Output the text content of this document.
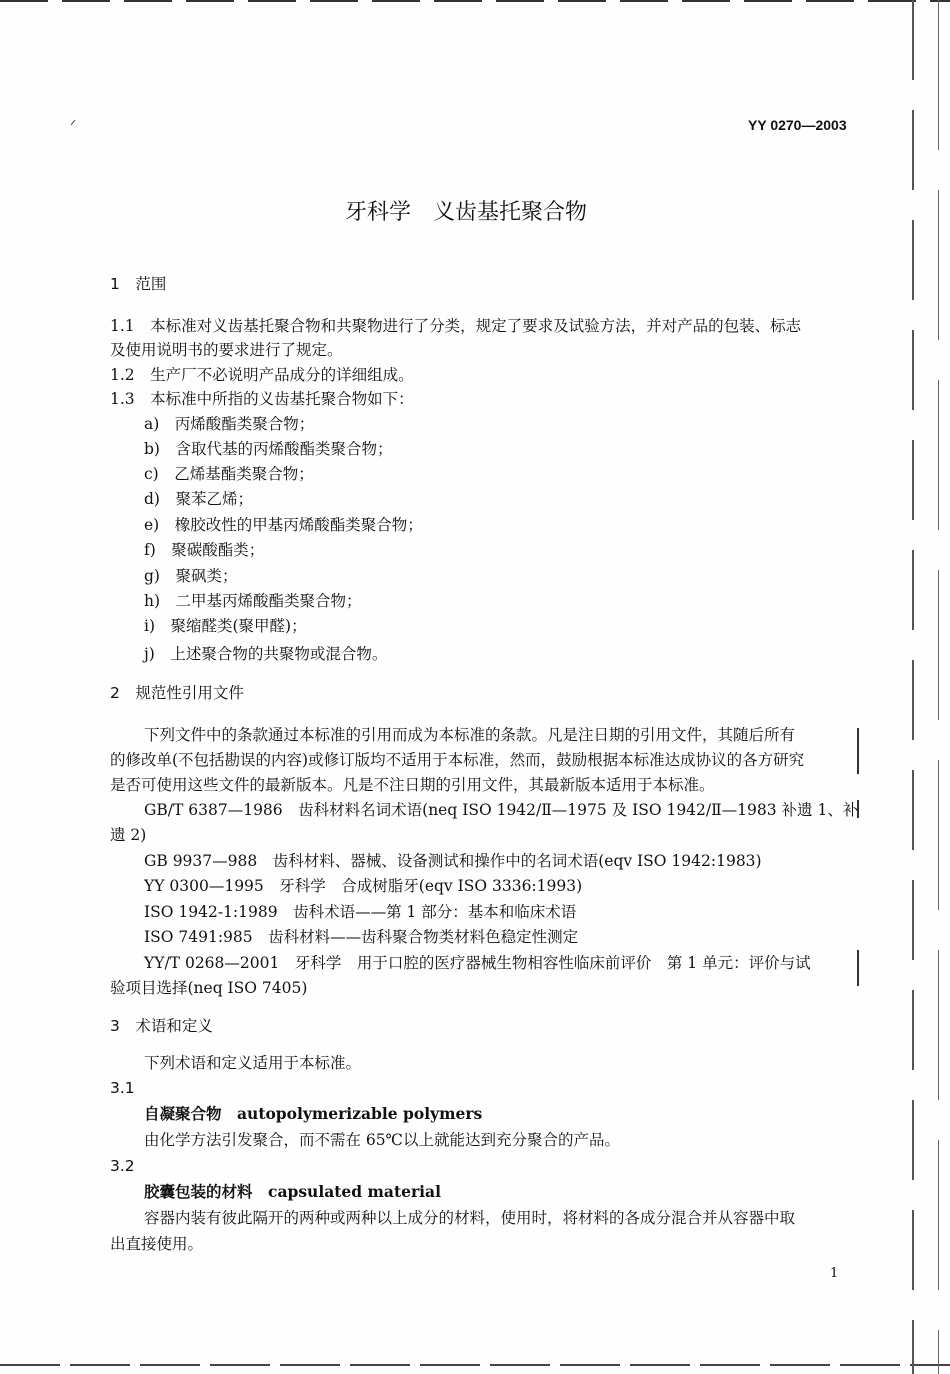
YY 0270—2003
牙科学　义齿基托聚合物
1　范围
1.1　本标准对义齿基托聚合物和共聚物进行了分类，规定了要求及试验方法，并对产品的包装、标志
及使用说明书的要求进行了规定。
1.2　生产厂不必说明产品成分的详细组成。
1.3　本标准中所指的义齿基托聚合物如下：
a)　丙烯酸酯类聚合物；
b)　含取代基的丙烯酸酯类聚合物；
c)　乙烯基酯类聚合物；
d)　聚苯乙烯；
e)　橡胶改性的甲基丙烯酸酯类聚合物；
f)　聚碳酸酯类；
g)　聚砜类；
h)　二甲基丙烯酸酯类聚合物；
i)　聚缩醛类(聚甲醛)；
j)　上述聚合物的共聚物或混合物。
2　规范性引用文件
下列文件中的条款通过本标准的引用而成为本标准的条款。凡是注日期的引用文件，其随后所有
的修改单(不包括勘误的内容)或修订版均不适用于本标准，然而，鼓励根据本标准达成协议的各方研究
是否可使用这些文件的最新版本。凡是不注日期的引用文件，其最新版本适用于本标准。
GB/T 6387—1986　齿科材料名词术语(neq ISO 1942/Ⅱ—1975 及 ISO 1942/Ⅱ—1983 补遗 1、补
遗 2)
GB 9937—988　齿科材料、器械、设备测试和操作中的名词术语(eqv ISO 1942:1983)
YY 0300—1995　牙科学　合成树脂牙(eqv ISO 3336:1993)
ISO 1942-1:1989　齿科术语——第 1 部分：基本和临床术语
ISO 7491:985　齿科材料——齿科聚合物类材料色稳定性测定
YY/T 0268—2001　牙科学　用于口腔的医疗器械生物相容性临床前评价　第 1 单元：评价与试
验项目选择(neq ISO 7405)
3　术语和定义
下列术语和定义适用于本标准。
3.1
自凝聚合物　autopolymerizable polymers
由化学方法引发聚合，而不需在 65℃以上就能达到充分聚合的产品。
3.2
胶囊包装的材料　capsulated material
容器内装有彼此隔开的两种或两种以上成分的材料，使用时，将材料的各成分混合并从容器中取
出直接使用。
1
